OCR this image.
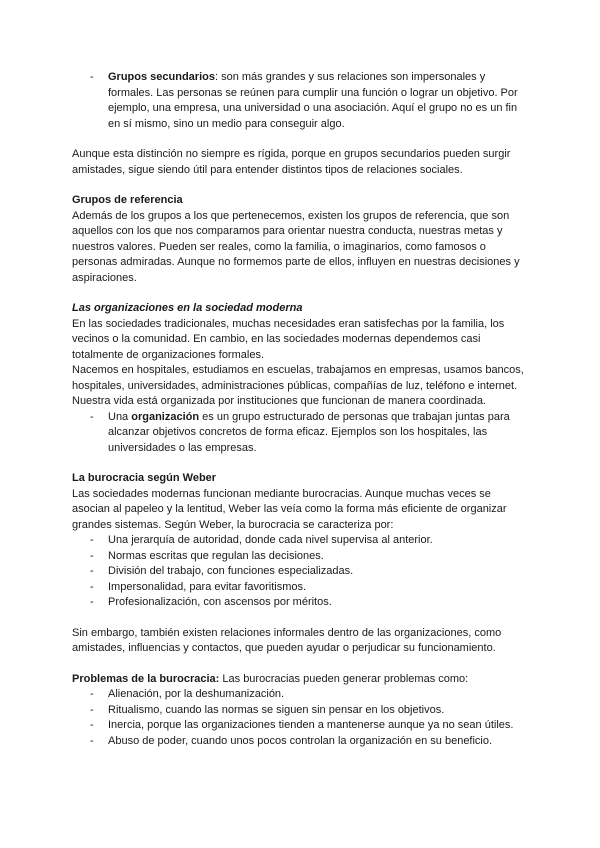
- Grupos secundarios: son más grandes y sus relaciones son impersonales y formales. Las personas se reúnen para cumplir una función o lograr un objetivo. Por ejemplo, una empresa, una universidad o una asociación. Aquí el grupo no es un fin en sí mismo, sino un medio para conseguir algo.

Aunque esta distinción no siempre es rígida, porque en grupos secundarios pueden surgir amistades, sigue siendo útil para entender distintos tipos de relaciones sociales.

Grupos de referencia

Además de los grupos a los que pertenecemos, existen los grupos de referencia, que son aquellos con los que nos comparamos para orientar nuestra conducta, nuestras metas y nuestros valores. Pueden ser reales, como la familia, o imaginarios, como famosos o personas admiradas. Aunque no formemos parte de ellos, influyen en nuestras decisiones y aspiraciones.

Las organizaciones en la sociedad moderna

En las sociedades tradicionales, muchas necesidades eran satisfechas por la familia, los vecinos o la comunidad. En cambio, en las sociedades modernas dependemos casi totalmente de organizaciones formales.

Nacemos en hospitales, estudiamos en escuelas, trabajamos en empresas, usamos bancos, hospitales, universidades, administraciones públicas, compañías de luz, teléfono e internet. Nuestra vida está organizada por instituciones que funcionan de manera coordinada.

- Una organización es un grupo estructurado de personas que trabajan juntas para alcanzar objetivos concretos de forma eficaz. Ejemplos son los hospitales, las universidades o las empresas.

La burocracia según Weber

Las sociedades modernas funcionan mediante burocracias. Aunque muchas veces se asocian al papeleo y la lentitud, Weber las veía como la forma más eficiente de organizar grandes sistemas. Según Weber, la burocracia se caracteriza por:

- Una jerarquía de autoridad, donde cada nivel supervisa al anterior.
- Normas escritas que regulan las decisiones.
- División del trabajo, con funciones especializadas.
- Impersonalidad, para evitar favoritismos.
- Profesionalización, con ascensos por méritos.

Sin embargo, también existen relaciones informales dentro de las organizaciones, como amistades, influencias y contactos, que pueden ayudar o perjudicar su funcionamiento.

Problemas de la burocracia: Las burocracias pueden generar problemas como:

- Alienación, por la deshumanización.
- Ritualismo, cuando las normas se siguen sin pensar en los objetivos.
- Inercia, porque las organizaciones tienden a mantenerse aunque ya no sean útiles.
- Abuso de poder, cuando unos pocos controlan la organización en su beneficio.
